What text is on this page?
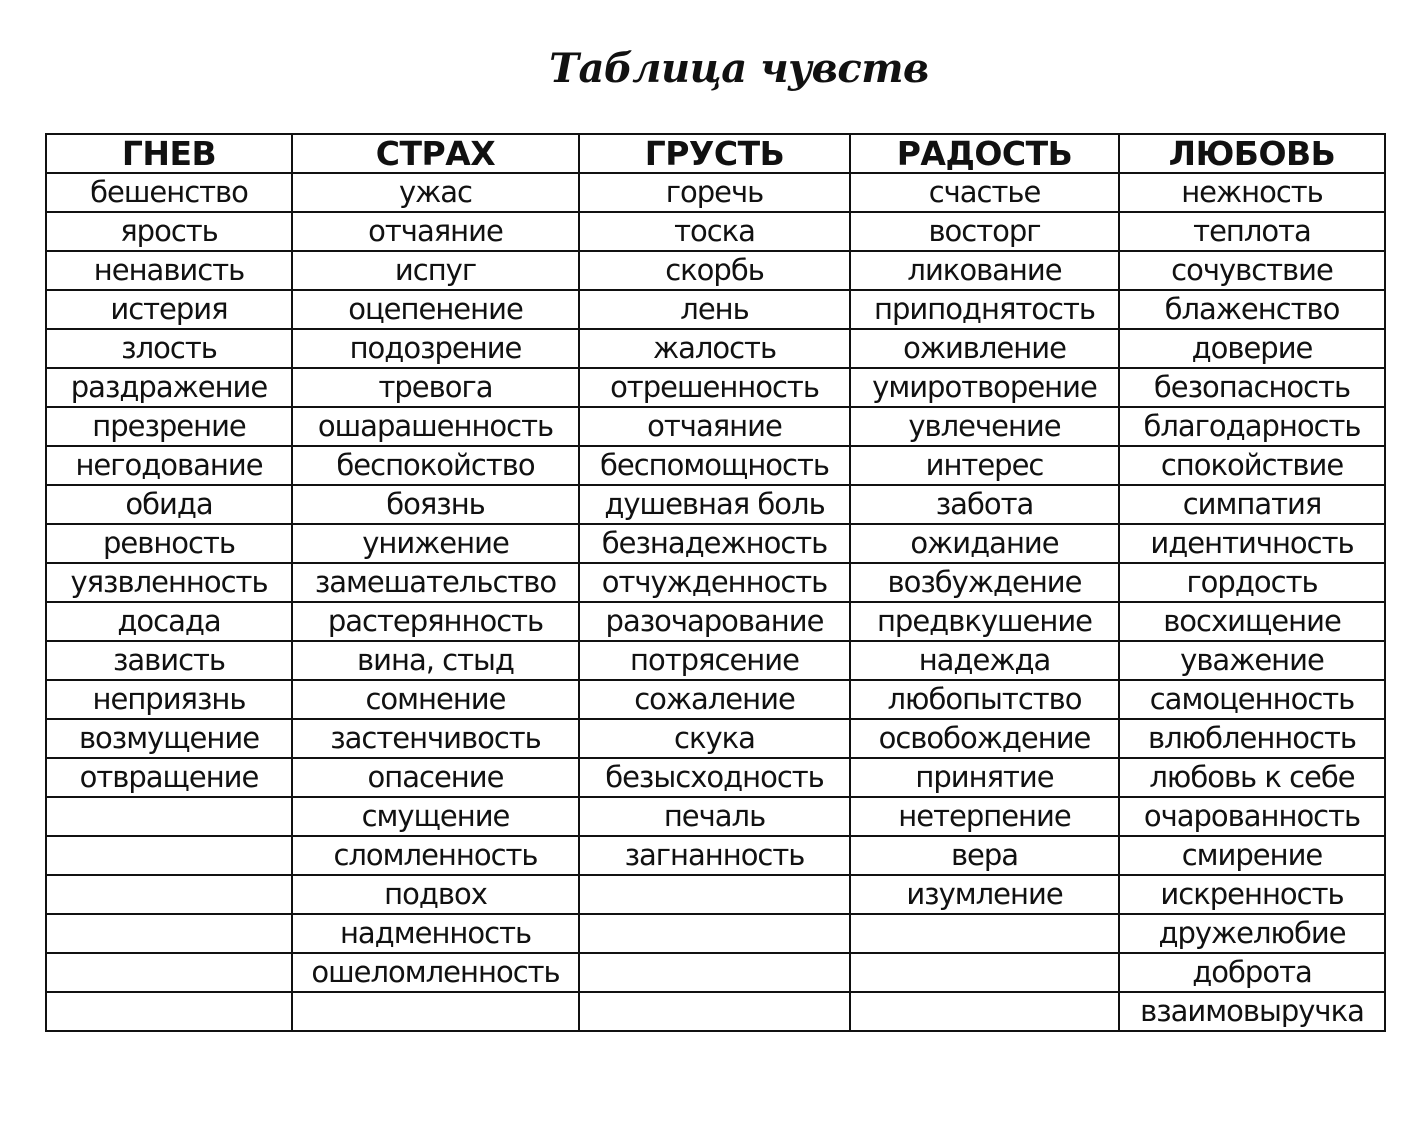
Таблица чувств
ГНЕВ	СТРАХ	ГРУСТЬ	РАДОСТЬ	ЛЮБОВЬ
бешенство	ужас	горечь	счастье	нежность
ярость	отчаяние	тоска	восторг	теплота
ненависть	испуг	скорбь	ликование	сочувствие
истерия	оцепенение	лень	приподнятость	блаженство
злость	подозрение	жалость	оживление	доверие
раздражение	тревога	отрешенность	умиротворение	безопасность
презрение	ошарашенность	отчаяние	увлечение	благодарность
негодование	беспокойство	беспомощность	интерес	спокойствие
обида	боязнь	душевная боль	забота	симпатия
ревность	унижение	безнадежность	ожидание	идентичность
уязвленность	замешательство	отчужденность	возбуждение	гордость
досада	растерянность	разочарование	предвкушение	восхищение
зависть	вина, стыд	потрясение	надежда	уважение
неприязнь	сомнение	сожаление	любопытство	самоценность
возмущение	застенчивость	скука	освобождение	влюбленность
отвращение	опасение	безысходность	принятие	любовь к себе
	смущение	печаль	нетерпение	очарованность
	сломленность	загнанность	вера	смирение
	подвох		изумление	искренность
	надменность			дружелюбие
	ошеломленность			доброта
				взаимовыручка
